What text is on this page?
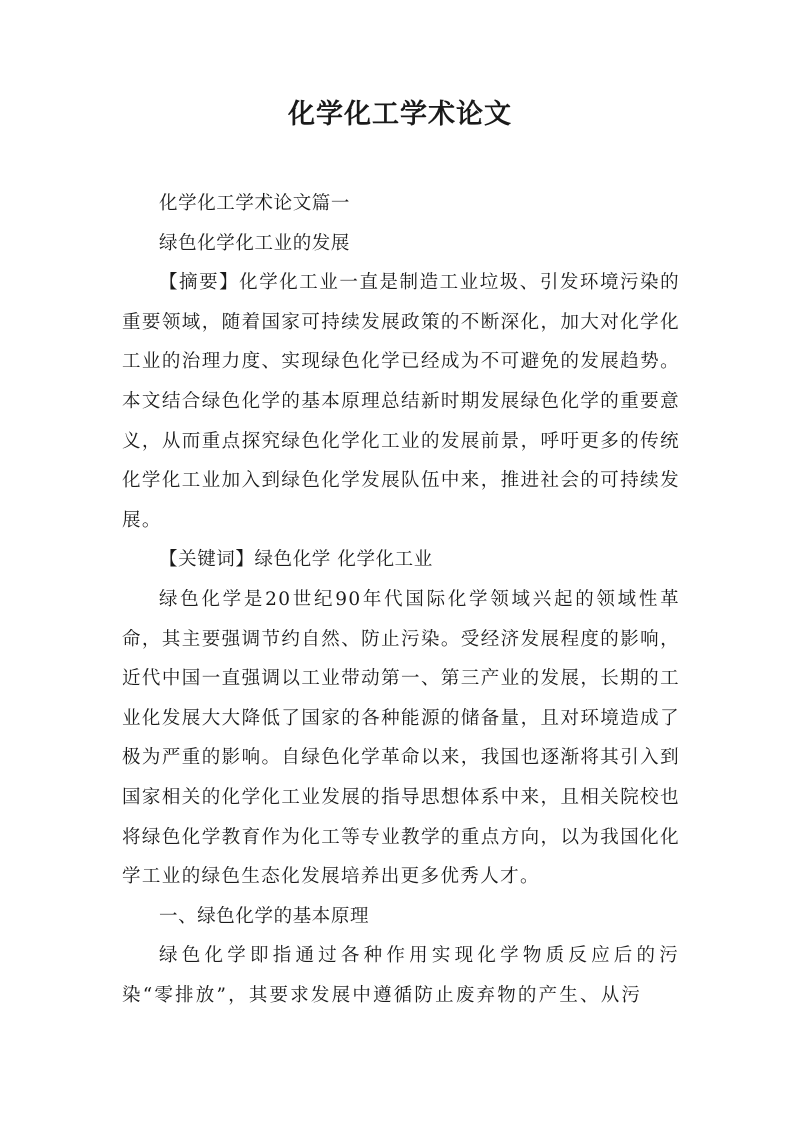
化学化工学术论文

化学化工学术论文篇一

绿色化学化工业的发展

【摘要】化学化工业一直是制造工业垃圾、引发环境污染的重要领域，随着国家可持续发展政策的不断深化，加大对化学化工业的治理力度、实现绿色化学已经成为不可避免的发展趋势。本文结合绿色化学的基本原理总结新时期发展绿色化学的重要意义，从而重点探究绿色化学化工业的发展前景，呼吁更多的传统化学化工业加入到绿色化学发展队伍中来，推进社会的可持续发展。

【关键词】绿色化学 化学化工业

绿色化学是20世纪90年代国际化学领域兴起的领域性革命，其主要强调节约自然、防止污染。受经济发展程度的影响，近代中国一直强调以工业带动第一、第三产业的发展，长期的工业化发展大大降低了国家的各种能源的储备量，且对环境造成了极为严重的影响。自绿色化学革命以来，我国也逐渐将其引入到国家相关的化学化工业发展的指导思想体系中来，且相关院校也将绿色化学教育作为化工等专业教学的重点方向，以为我国化化学工业的绿色生态化发展培养出更多优秀人才。

一、绿色化学的基本原理

绿色化学即指通过各种作用实现化学物质反应后的污染“零排放”，其要求发展中遵循防止废弃物的产生、从污
